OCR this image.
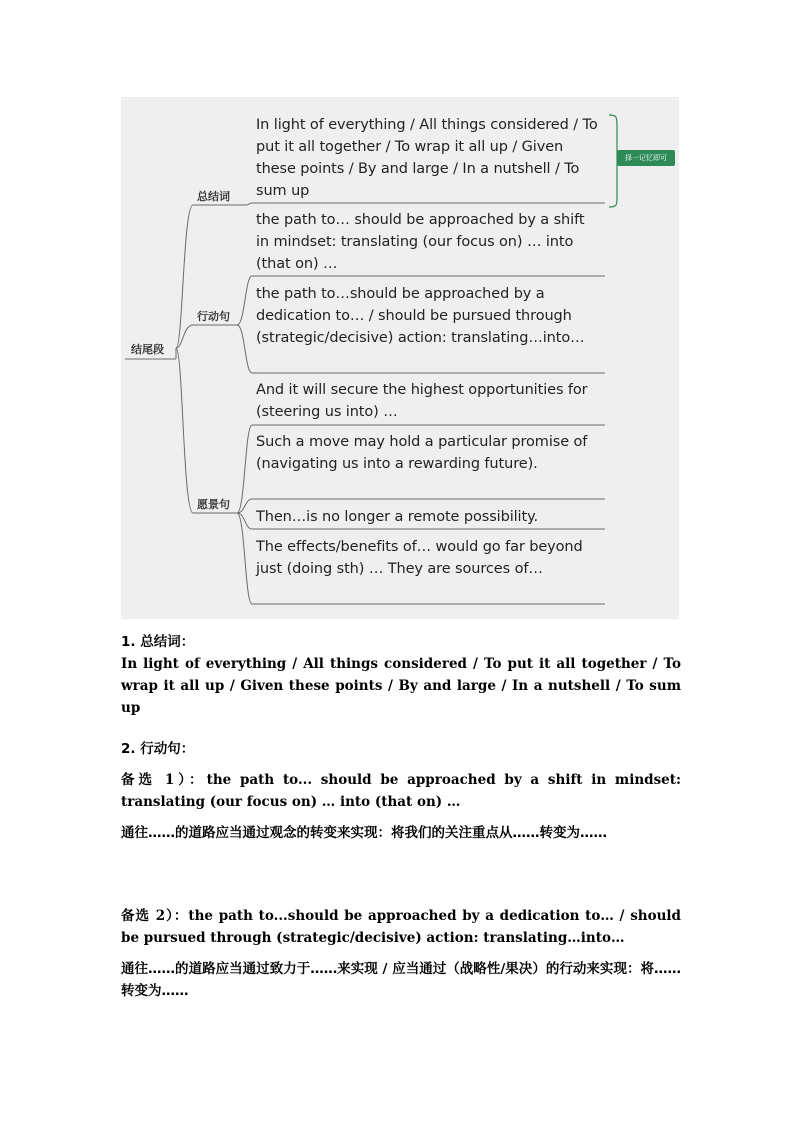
结尾段
总结词
行动句
愿景句
择一记忆即可
In light of everything / All things considered / To put it all together / To wrap it all up / Given these points / By and large / In a nutshell / To sum up
the path to… should be approached by a shift in mindset: translating (our focus on) … into (that on) …
the path to…should be approached by a dedication to… / should be pursued through (strategic/decisive) action: translating…into…
And it will secure the highest opportunities for (steering us into) …
Such a move may hold a particular promise of (navigating us into a rewarding future).
Then…is no longer a remote possibility.
The effects/benefits of… would go far beyond just (doing sth) … They are sources of…
1. 总结词：
In light of everything / All things considered / To put it all together / To wrap it all up / Given these points / By and large / In a nutshell / To sum up
2. 行动句：
备选 1）：the path to... should be approached by a shift in mindset: translating (our focus on) … into (that on) …
通往……的道路应当通过观念的转变来实现：将我们的关注重点从……转变为……
备选 2）：the path to...should be approached by a dedication to… / should be pursued through (strategic/decisive) action: translating…into…
通往……的道路应当通过致力于……来实现 / 应当通过（战略性/果决）的行动来实现：将……转变为……
